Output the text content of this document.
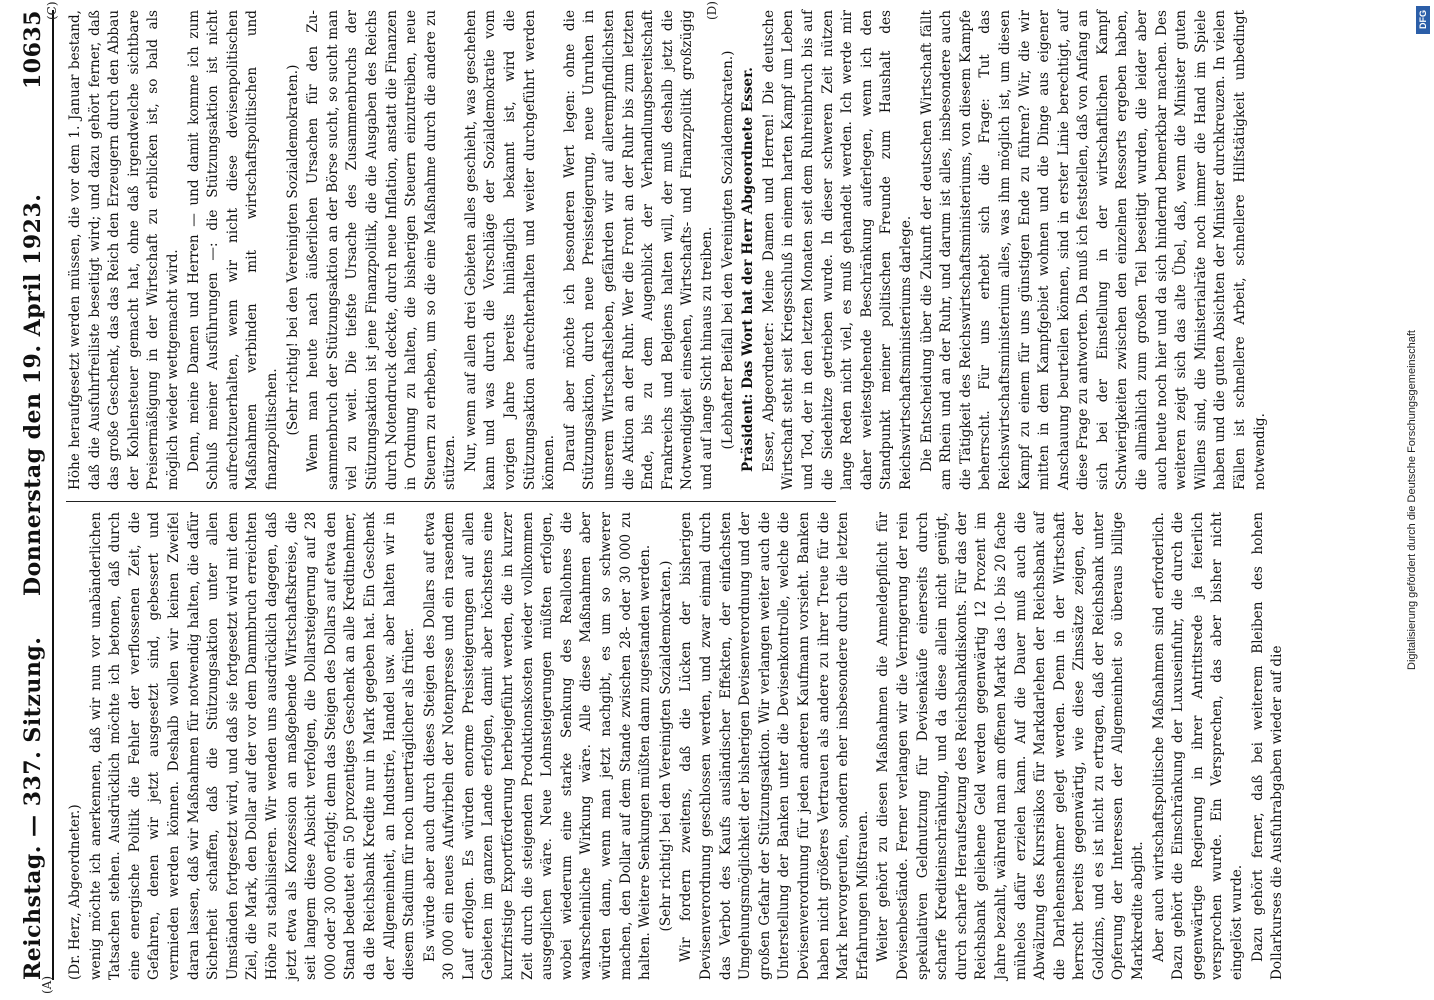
DFG
Digitalisierung gefördert durch die Deutsche Forschungsgemeinschaft
Reichstag. — 337. Sitzung.
Donnerstag den 19. April 1923.
10635
(A)
(C)	(D)

(Dr. Herz, Abgeordneter.) wenig möchte ich anerkennen, daß wir nun vor unabänderlichen Tatsachen stehen. Ausdrücklich möchte ich betonen, daß durch eine energische Politik die Fehler der verflossenen Zeit, die Gefahren, denen wir jetzt ausgesetzt sind, gebessert und vermieden werden können. Deshalb wollen wir keinen Zweifel daran lassen, daß wir Maßnahmen für notwendig halten, die dafür Sicherheit schaffen, daß die Stützungsaktion unter allen Umständen fortgesetzt wird, und daß sie fortgesetzt wird mit dem Ziel, die Mark, den Dollar auf der vor dem Dammbruch erreichten Höhe zu stabilisieren. Wir wenden uns ausdrücklich dagegen, daß jetzt etwa als Konzession an maßgebende Wirtschaftskreise, die seit langem diese Absicht verfolgen, die Dollarsteigerung auf 28 000 oder 30 000 erfolgt; denn das Steigen des Dollars auf etwa den Stand bedeutet ein 50 prozentiges Geschenk an alle Kreditnehmer, da die Reichsbank Kredite nur in Mark gegeben hat. Ein Geschenk der Allgemeinheit, an Industrie, Handel usw. aber halten wir in diesem Stadium für noch unerträglicher als früher. Es würde aber auch durch dieses Steigen des Dollars auf etwa 30 000 ein neues Aufwirbeln der Notenpresse und ein rasendem Lauf erfolgen. Es würden enorme Preissteigerungen auf allen Gebieten im ganzen Lande erfolgen, damit aber höchstens eine kurzfristige Exportförderung herbeigeführt werden, die in kurzer Zeit durch die steigenden Produktionskosten wieder vollkommen ausgeglichen wäre. Neue Lohnsteigerungen müßten erfolgen, wobei wiederum eine starke Senkung des Reallohnes die wahrscheinliche Wirkung wäre. Alle diese Maßnahmen aber würden dann, wenn man jetzt nachgibt, es um so schwerer machen, den Dollar auf dem Stande zwischen 28- oder 30 000 zu halten. Weitere Senkungen müßten dann zugestanden werden. (Sehr richtig! bei den Vereinigten Sozialdemokraten.) Wir fordern zweitens, daß die Lücken der bisherigen Devisenverordnung geschlossen werden, und zwar einmal durch das Verbot des Kaufs ausländischer Effekten, der einfachsten Umgehungsmöglichkeit der bisherigen Devisenverordnung und der großen Gefahr der Stützungsaktion. Wir verlangen weiter auch die Unterstellung der Banken unter die Devisenkontrolle, welche die Devisenverordnung für jeden anderen Kaufmann vorsieht. Banken haben nicht größeres Vertrauen als andere zu ihrer Treue für die Mark hervorgerufen, sondern eher insbesondere durch die letzten Erfahrungen Mißtrauen. Weiter gehört zu diesen Maßnahmen die Anmeldepflicht für Devisenbestände. Ferner verlangen wir die Verringerung der rein spekulativen Geldnutzung für Devisenkäufe einerseits durch scharfe Krediteinschränkung, und da diese allein nicht genügt, durch scharfe Heraufsetzung des Reichsbankdiskonts. Für das der Reichsbank geliehene Geld werden gegenwärtig 12 Prozent im Jahre bezahlt, während man am offenen Markt das 10- bis 20 fache mühelos dafür erzielen kann. Auf die Dauer muß auch die Abwälzung des Kursrisikos für Markdarlehen der Reichsbank auf die Darlehensnehmer gelegt werden. Denn in der Wirtschaft herrscht bereits gegenwärtig, wie diese Zinssätze zeigen, der Goldzins, und es ist nicht zu ertragen, daß der Reichsbank unter Opferung der Interessen der Allgemeinheit so überaus billige Markkredite abgibt. Aber auch wirtschaftspolitische Maßnahmen sind erforderlich. Dazu gehört die Einschränkung der Luxuseinfuhr, die durch die gegenwärtige Regierung in ihrer Antrittsrede ja feierlich versprochen wurde. Ein Versprechen, das aber bisher nicht eingelöst wurde. Dazu gehört ferner, daß bei weiterem Bleiben des hohen Dollarkurses die Ausfuhrabgaben wieder auf die

Höhe heraufgesetzt werden müssen, die vor dem 1. Januar bestand, daß die Ausfuhrfreiliste beseitigt wird; und dazu gehört ferner, daß das große Geschenk, das das Reich den Erzeugern durch den Abbau der Kohlensteuer gemacht hat, ohne daß irgendwelche sichtbare Preisermäßigung in der Wirtschaft zu erblicken ist, so bald als möglich wieder wettgemacht wird. Denn, meine Damen und Herren — und damit komme ich zum Schluß meiner Ausführungen —: die Stützungsaktion ist nicht aufrechtzuerhalten, wenn wir nicht diese devisenpolitischen Maßnahmen verbinden mit wirtschaftspolitischen und finanzpolitischen. (Sehr richtig! bei den Vereinigten Sozialdemokraten.) Wenn man heute nach äußerlichen Ursachen für den Zusammenbruch der Stützungsaktion an der Börse sucht, so sucht man viel zu weit. Die tiefste Ursache des Zusammenbruchs der Stützungsaktion ist jene Finanzpolitik, die die Ausgaben des Reichs durch Notendruck deckte, durch neue Inflation, anstatt die Finanzen in Ordnung zu halten, die bisherigen Steuern einzutreiben, neue Steuern zu erheben, um so die eine Maßnahme durch die andere zu stützen. Nur, wenn auf allen drei Gebieten alles geschieht, was geschehen kann und was durch die Vorschläge der Sozialdemokratie vom vorigen Jahre bereits hinlänglich bekannt ist, wird die Stützungsaktion aufrechterhalten und weiter durchgeführt werden können. Darauf aber möchte ich besonderen Wert legen: ohne die Stützungsaktion, durch neue Preissteigerung, neue Unruhen in unserem Wirtschaftsleben, gefährden wir auf allerempfindlichsten die Aktion an der Ruhr. Wer die Front an der Ruhr bis zum letzten Ende, bis zu dem Augenblick der Verhandlungsbereitschaft Frankreichs und Belgiens halten will, der muß deshalb jetzt die Notwendigkeit einsehen, Wirtschafts- und Finanzpolitik großzügig und auf lange Sicht hinaus zu treiben. (Lebhafter Beifall bei den Vereinigten Sozialdemokraten.) Präsident: Das Wort hat der Herr Abgeordnete Esser. Esser, Abgeordneter: Meine Damen und Herren! Die deutsche Wirtschaft steht seit Kriegsschluß in einem harten Kampf um Leben und Tod, der in den letzten Monaten seit dem Ruhreinbruch bis auf die Siedehitze getrieben wurde. In dieser schweren Zeit nützen lange Reden nicht viel, es muß gehandelt werden. Ich werde mir daher weitestgehende Beschränkung auferlegen, wenn ich den Standpunkt meiner politischen Freunde zum Haushalt des Reichswirtschaftsministeriums darlege. Die Entscheidung über die Zukunft der deutschen Wirtschaft fällt am Rhein und an der Ruhr, und darum ist alles, insbesondere auch die Tätigkeit des Reichswirtschaftsministeriums, von diesem Kampfe beherrscht. Für uns erhebt sich die Frage: Tut das Reichswirtschaftsministerium alles, was ihm möglich ist, um diesen Kampf zu einem für uns günstigen Ende zu führen? Wir, die wir mitten in dem Kampfgebiet wohnen und die Dinge aus eigener Anschauung beurteilen können, sind in erster Linie berechtigt, auf diese Frage zu antworten. Da muß ich feststellen, daß von Anfang an sich bei der Einstellung in der wirtschaftlichen Kampf Schwierigkeiten zwischen den einzelnen Ressorts ergeben haben, die allmählich zum großen Teil beseitigt wurden, die leider aber auch heute noch hier und da sich hindernd bemerkbar machen. Des weiteren zeigt sich das alte Übel, daß, wenn die Minister guten Willens sind, die Ministerialräte noch immer die Hand im Spiele haben und die guten Absichten der Minister durchkreuzen. In vielen Fällen ist schnellere Arbeit, schnellere Hilfstätigkeit unbedingt notwendig.
